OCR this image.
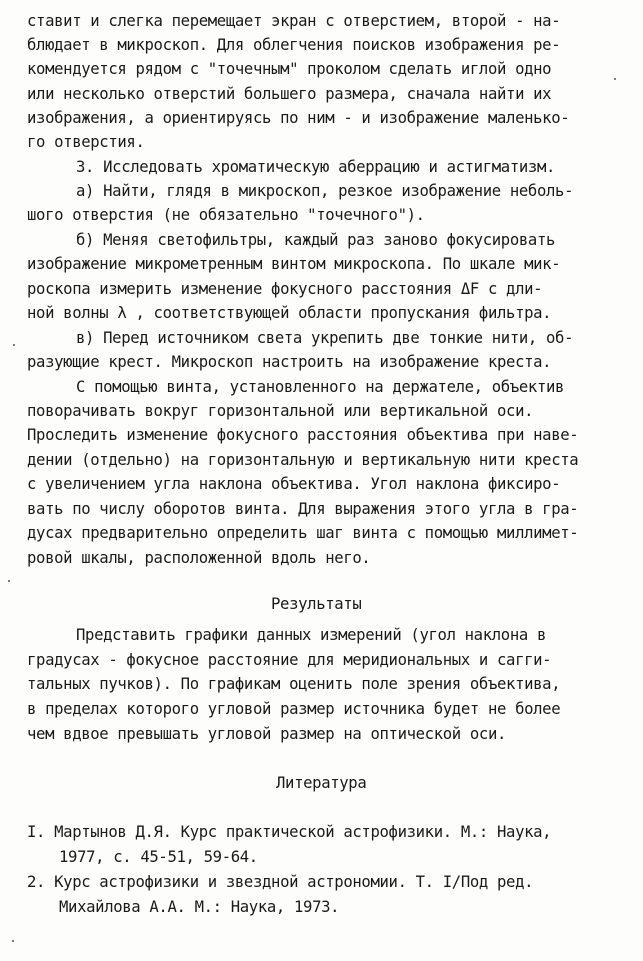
ставит и слегка перемещает экран с отверстием, второй - на-
блюдает в микроскоп. Для облегчения поисков изображения ре-
комендуется рядом с "точечным" проколом сделать иглой одно
или несколько отверстий большего размера, сначала найти их
изображения, а ориентируясь по ним - и изображение маленько-
го отверстия.
3. Исследовать хроматическую аберрацию и астигматизм.
а) Найти, глядя в микроскоп, резкое изображение неболь-
шого отверстия (не обязательно "точечного").
б) Меняя светофильтры, каждый раз заново фокусировать
изображение микрометренным винтом микроскопа. По шкале мик-
роскопа измерить изменение фокусного расстояния ΔF с дли-
ной волны λ , соответствующей области пропускания фильтра.
в) Перед источником света укрепить две тонкие нити, об-
разующие крест. Микроскоп настроить на изображение креста.
С помощью винта, установленного на держателе, объектив
поворачивать вокруг горизонтальной или вертикальной оси.
Проследить изменение фокусного расстояния объектива при наве-
дении (отдельно) на горизонтальную и вертикальную нити креста
с увеличением угла наклона объектива. Угол наклона фиксиро-
вать по числу оборотов винта. Для выражения этого угла в гра-
дусах предварительно определить шаг винта с помощью миллимет-
ровой шкалы, расположенной вдоль него.
Результаты
Представить графики данных измерений (угол наклона в
градусах - фокусное расстояние для меридиональных и сагги-
тальных пучков). По графикам оценить поле зрения объектива,
в пределах которого угловой размер источника будет не более
чем вдвое превышать угловой размер на оптической оси.
Литература
I. Мартынов Д.Я. Курс практической астрофизики. М.: Наука,
1977, с. 45-51, 59-64.
2. Курс астрофизики и звездной астрономии. Т. I/Под ред.
Михайлова А.А. М.: Наука, 1973.
